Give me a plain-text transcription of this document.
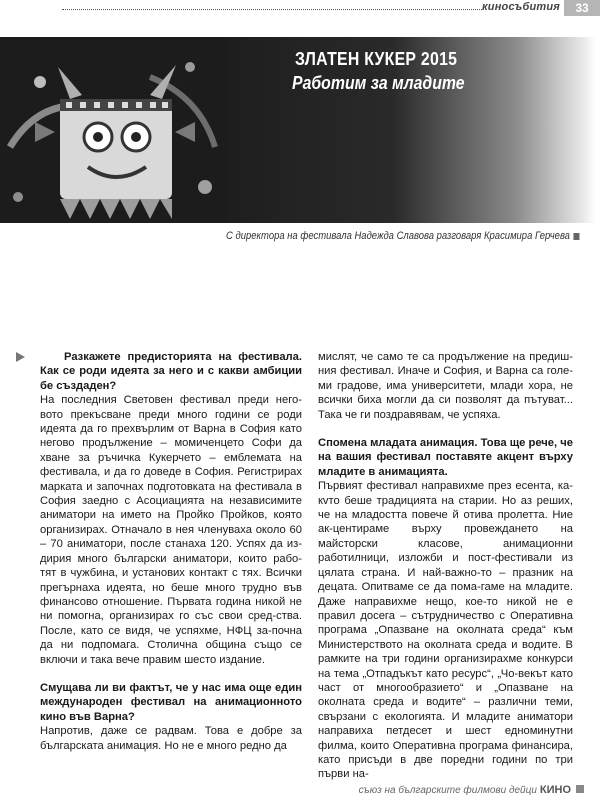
киносъбития	33
ЗЛАТЕН КУКЕР 2015
Работим за младите
С директора на фестивала Надежда Славова разговаря Красимира Герчева

Разкажете предисторията на фестивала. Как се роди идеята за него и с какви амбиции бе създаден?

На последния Световен фестивал преди него-вото прекъсване преди много години се роди идеята да го прехвърлим от Варна в София като негово продължение – момиченцето Софи да хване за ръчичка Кукерчето – емблемата на фестивала, и да го доведе в София. Регистрирах марката и започнах подготовката на фестивала в София заедно с Асоциацията на независимите аниматори на името на Пройко Пройков, която организирах. Отначало в нея членуваха около 60 – 70 аниматори, после станаха 120. Успях да из-дирия много български аниматори, които рабо-тят в чужбина, и установих контакт с тях. Всички прегърнаха идеята, но беше много трудно във финансово отношение. Първата година никой не ни помогна, организирах го със свои сред-ства. После, като се видя, че успяхме, НФЦ за-почна да ни подпомага. Столична община също се включи и така вече правим шесто издание.

Смущава ли ви фактът, че у нас има още един международен фестивал на анимационното кино във Варна?

Напротив, даже се радвам. Това е добре за българската анимация. Но не е много редно да

мислят, че само те са продължение на предиш-ния фестивал. Иначе и София, и Варна са голе-ми градове, има университети, млади хора, не всички биха могли да си позволят да пътуват... Така че ги поздравявам, че успяха.

Спомена младата анимация. Това ще рече, че на вашия фестивал поставяте акцент върху младите в анимацията.

Първият фестивал направихме през есента, ка-кvто беше традицията на старии. Но аз реших, че на младостта повече й отива пролетта. Ние ак-центираме върху провеждането на майсторски класове, анимационни работилници, изложби и пост-фестивали из цялата страна. И най-важно-то – празник на децата. Опитваме се да пома-гаме на младите. Даже направихме нещо, кое-то никой не е правил досега – сътрудничество с Оперативна програма „Опазване на околната среда“ към Министерството на околната среда и водите. В рамките на три години организирахме конкурси на тема „Отпадъкът като ресурс“, „Чо-векът като част от многообразието“ и „Опазване на околната среда и водите“ – различни теми, свързани с екологията. И младите аниматори направиха петдесет и шест едноминутни филма, които Оперативна програма финансира, като присъди в две поредни години по три първи на-

съюз на българските филмови дейци КИНО
